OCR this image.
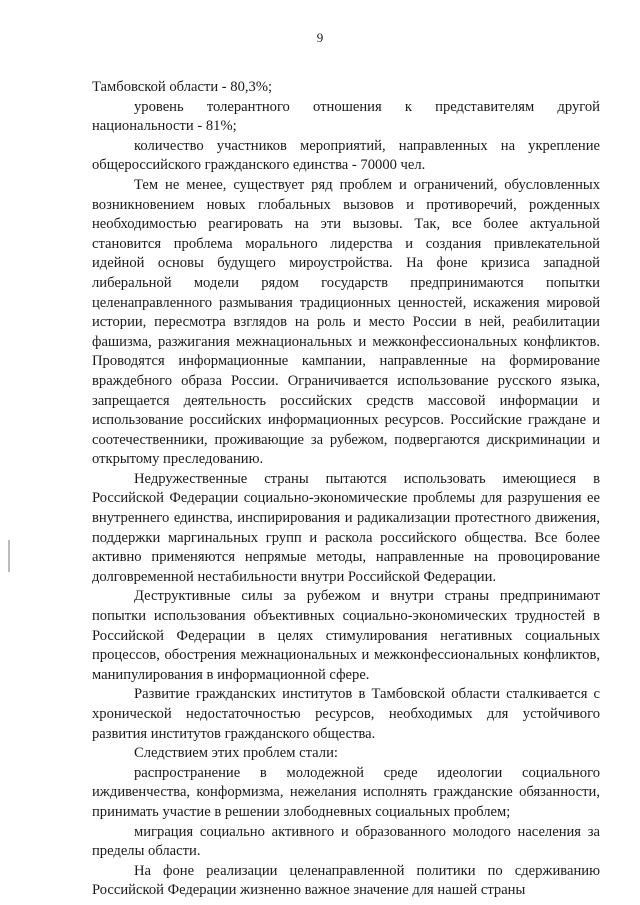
9

Тамбовской области - 80,3%;

уровень толерантного отношения к представителям другой национальности - 81%;

количество участников мероприятий, направленных на укрепление общероссийского гражданского единства - 70000 чел.

Тем не менее, существует ряд проблем и ограничений, обусловленных возникновением новых глобальных вызовов и противоречий, рожденных необходимостью реагировать на эти вызовы. Так, все более актуальной становится проблема морального лидерства и создания привлекательной идейной основы будущего мироустройства. На фоне кризиса западной либеральной модели рядом государств предпринимаются попытки целенаправленного размывания традиционных ценностей, искажения мировой истории, пересмотра взглядов на роль и место России в ней, реабилитации фашизма, разжигания межнациональных и межконфессиональных конфликтов. Проводятся информационные кампании, направленные на формирование враждебного образа России. Ограничивается использование русского языка, запрещается деятельность российских средств массовой информации и использование российских информационных ресурсов. Российские граждане и соотечественники, проживающие за рубежом, подвергаются дискриминации и открытому преследованию.

Недружественные страны пытаются использовать имеющиеся в Российской Федерации социально-экономические проблемы для разрушения ее внутреннего единства, инспирирования и радикализации протестного движения, поддержки маргинальных групп и раскола российского общества. Все более активно применяются непрямые методы, направленные на провоцирование долговременной нестабильности внутри Российской Федерации.

Деструктивные силы за рубежом и внутри страны предпринимают попытки использования объективных социально-экономических трудностей в Российской Федерации в целях стимулирования негативных социальных процессов, обострения межнациональных и межконфессиональных конфликтов, манипулирования в информационной сфере.

Развитие гражданских институтов в Тамбовской области сталкивается с хронической недостаточностью ресурсов, необходимых для устойчивого развития институтов гражданского общества.

Следствием этих проблем стали:

распространение в молодежной среде идеологии социального иждивенчества, конформизма, нежелания исполнять гражданские обязанности, принимать участие в решении злободневных социальных проблем;

миграция социально активного и образованного молодого населения за пределы области.

На фоне реализации целенаправленной политики по сдерживанию Российской Федерации жизненно важное значение для нашей страны
